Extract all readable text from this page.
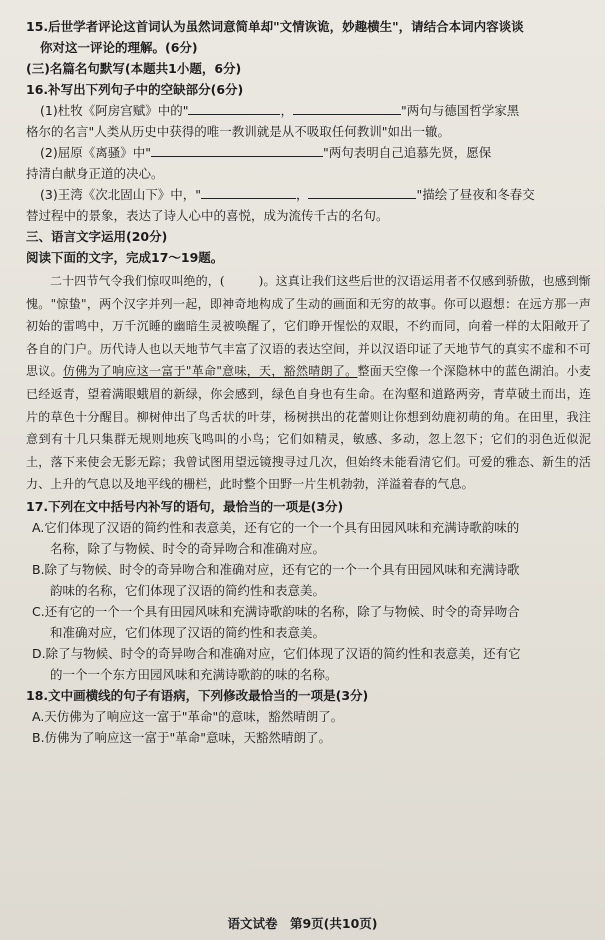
15.后世学者评论这首词认为虽然词意简单却"文情诙诡，妙趣横生"，请结合本词内容谈谈
你对这一评论的理解。(6分)
(三)名篇名句默写(本题共1小题，6分)
16.补写出下列句子中的空缺部分(6分)
(1)杜牧《阿房宫赋》中的"	，	"两句与德国哲学家黑
格尔的名言"人类从历史中获得的唯一教训就是从不吸取任何教训"如出一辙。
(2)屈原《离骚》中"	"两句表明自己追慕先贤，愿保
持清白献身正道的决心。
(3)王湾《次北固山下》中，"	，	"描绘了昼夜和冬春交
替过程中的景象，表达了诗人心中的喜悦，成为流传千古的名句。
三、语言文字运用(20分)
阅读下面的文字，完成17～19题。
二十四节气令我们惊叹叫绝的，(	)。这真让我们这些后世的汉语运用者不仅感到骄傲，也感到惭愧。"惊蛰"，两个汉字并列一起，即神奇地构成了生动的画面和无穷的故事。你可以遐想：在远方那一声初始的雷鸣中，万千沉睡的幽暗生灵被唤醒了，它们睁开惺忪的双眼，不约而同，向着一样的太阳敞开了各自的门户。历代诗人也以天地节气丰富了汉语的表达空间，并以汉语印证了天地节气的真实不虚和不可思议。仿佛为了响应这一富于"革命"意味，天，豁然晴朗了。整面天空像一个深隐林中的蓝色湖泊。小麦已经返青，望着满眼蛾眉的新绿，你会感到，绿色自身也有生命。在沟壑和道路两旁，青草破土而出，连片的草色十分醒目。柳树伸出了鸟舌状的叶芽，杨树拱出的花蕾则让你想到幼鹿初萌的角。在田里，我注意到有十几只集群无规则地疾飞鸣叫的小鸟；它们如精灵，敏感、多动，忽上忽下；它们的羽色近似泥土，落下来使会无影无踪；我曾试图用望远镜搜寻过几次，但始终未能看清它们。可爱的雅态、新生的活力、上升的气息以及地平线的栅栏，此时整个田野一片生机勃勃，洋溢着春的气息。
17.下列在文中括号内补写的语句，最恰当的一项是(3分)
A.它们体现了汉语的简约性和表意美，还有它的一个一个具有田园风味和充满诗歌韵味的
名称，除了与物候、时令的奇异吻合和准确对应。
B.除了与物候、时令的奇异吻合和准确对应，还有它的一个一个具有田园风味和充满诗歌
韵味的名称，它们体现了汉语的简约性和表意美。
C.还有它的一个一个具有田园风味和充满诗歌韵味的名称，除了与物候、时令的奇异吻合
和准确对应，它们体现了汉语的简约性和表意美。
D.除了与物候、时令的奇异吻合和准确对应，它们体现了汉语的简约性和表意美，还有它
的一个一个东方田园风味和充满诗歌韵的味的名称。
18.文中画横线的句子有语病，下列修改最恰当的一项是(3分)
A.天仿佛为了响应这一富于"革命"的意味，豁然晴朗了。
B.仿佛为了响应这一富于"革命"意味，天豁然晴朗了。
语文试卷　第9页(共10页)
